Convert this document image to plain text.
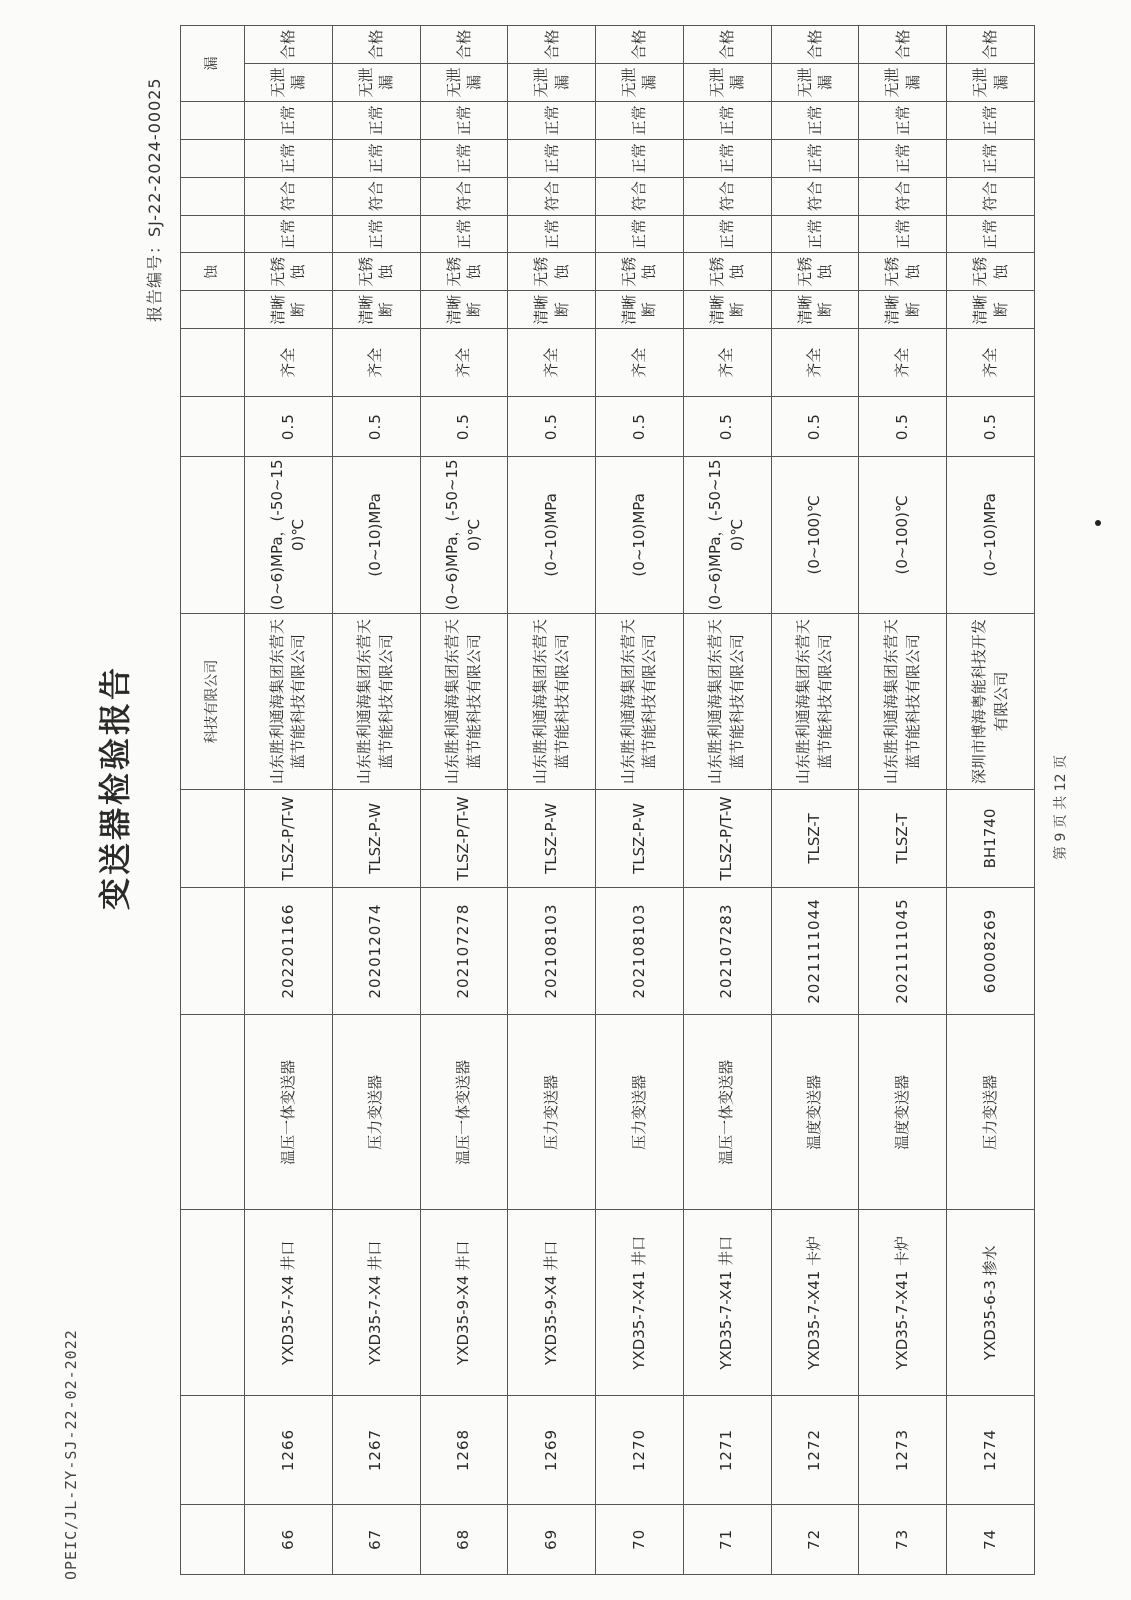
OPEIC/JL-ZY-SJ-22-02-2022
变送器检验报告
报告编号：SJ-22-2024-00025
						科技有限公司					蚀					漏	
66	1266	YXD35-7-X4 井口	温压一体变送器	202201166	TLSZ-P/T-W	山东胜利通海集团东营天蓝节能科技有限公司	(0~6)MPa，(-50~150)℃	0.5	齐全	清晰断	无锈蚀	正常	符合	正常	正常	无泄漏	合格
67	1267	YXD35-7-X4 井口	压力变送器	202012074	TLSZ-P-W	山东胜利通海集团东营天蓝节能科技有限公司	(0~10)MPa	0.5	齐全	清晰断	无锈蚀	正常	符合	正常	正常	无泄漏	合格
68	1268	YXD35-9-X4 井口	温压一体变送器	202107278	TLSZ-P/T-W	山东胜利通海集团东营天蓝节能科技有限公司	(0~6)MPa，(-50~150)℃	0.5	齐全	清晰断	无锈蚀	正常	符合	正常	正常	无泄漏	合格
69	1269	YXD35-9-X4 井口	压力变送器	202108103	TLSZ-P-W	山东胜利通海集团东营天蓝节能科技有限公司	(0~10)MPa	0.5	齐全	清晰断	无锈蚀	正常	符合	正常	正常	无泄漏	合格
70	1270	YXD35-7-X41 井口	压力变送器	202108103	TLSZ-P-W	山东胜利通海集团东营天蓝节能科技有限公司	(0~10)MPa	0.5	齐全	清晰断	无锈蚀	正常	符合	正常	正常	无泄漏	合格
71	1271	YXD35-7-X41 井口	温压一体变送器	202107283	TLSZ-P/T-W	山东胜利通海集团东营天蓝节能科技有限公司	(0~6)MPa，(-50~150)℃	0.5	齐全	清晰断	无锈蚀	正常	符合	正常	正常	无泄漏	合格
72	1272	YXD35-7-X41 卡炉	温度变送器	2021111044	TLSZ-T	山东胜利通海集团东营天蓝节能科技有限公司	(0~100)℃	0.5	齐全	清晰断	无锈蚀	正常	符合	正常	正常	无泄漏	合格
73	1273	YXD35-7-X41 卡炉	温度变送器	2021111045	TLSZ-T	山东胜利通海集团东营天蓝节能科技有限公司	(0~100)℃	0.5	齐全	清晰断	无锈蚀	正常	符合	正常	正常	无泄漏	合格
74	1274	YXD35-6-3 掺水	压力变送器	60008269	BH1740	深圳市博海粤能科技开发有限公司	(0~10)MPa	0.5	齐全	清晰断	无锈蚀	正常	符合	正常	正常	无泄漏	合格
第 9 页 共 12 页
